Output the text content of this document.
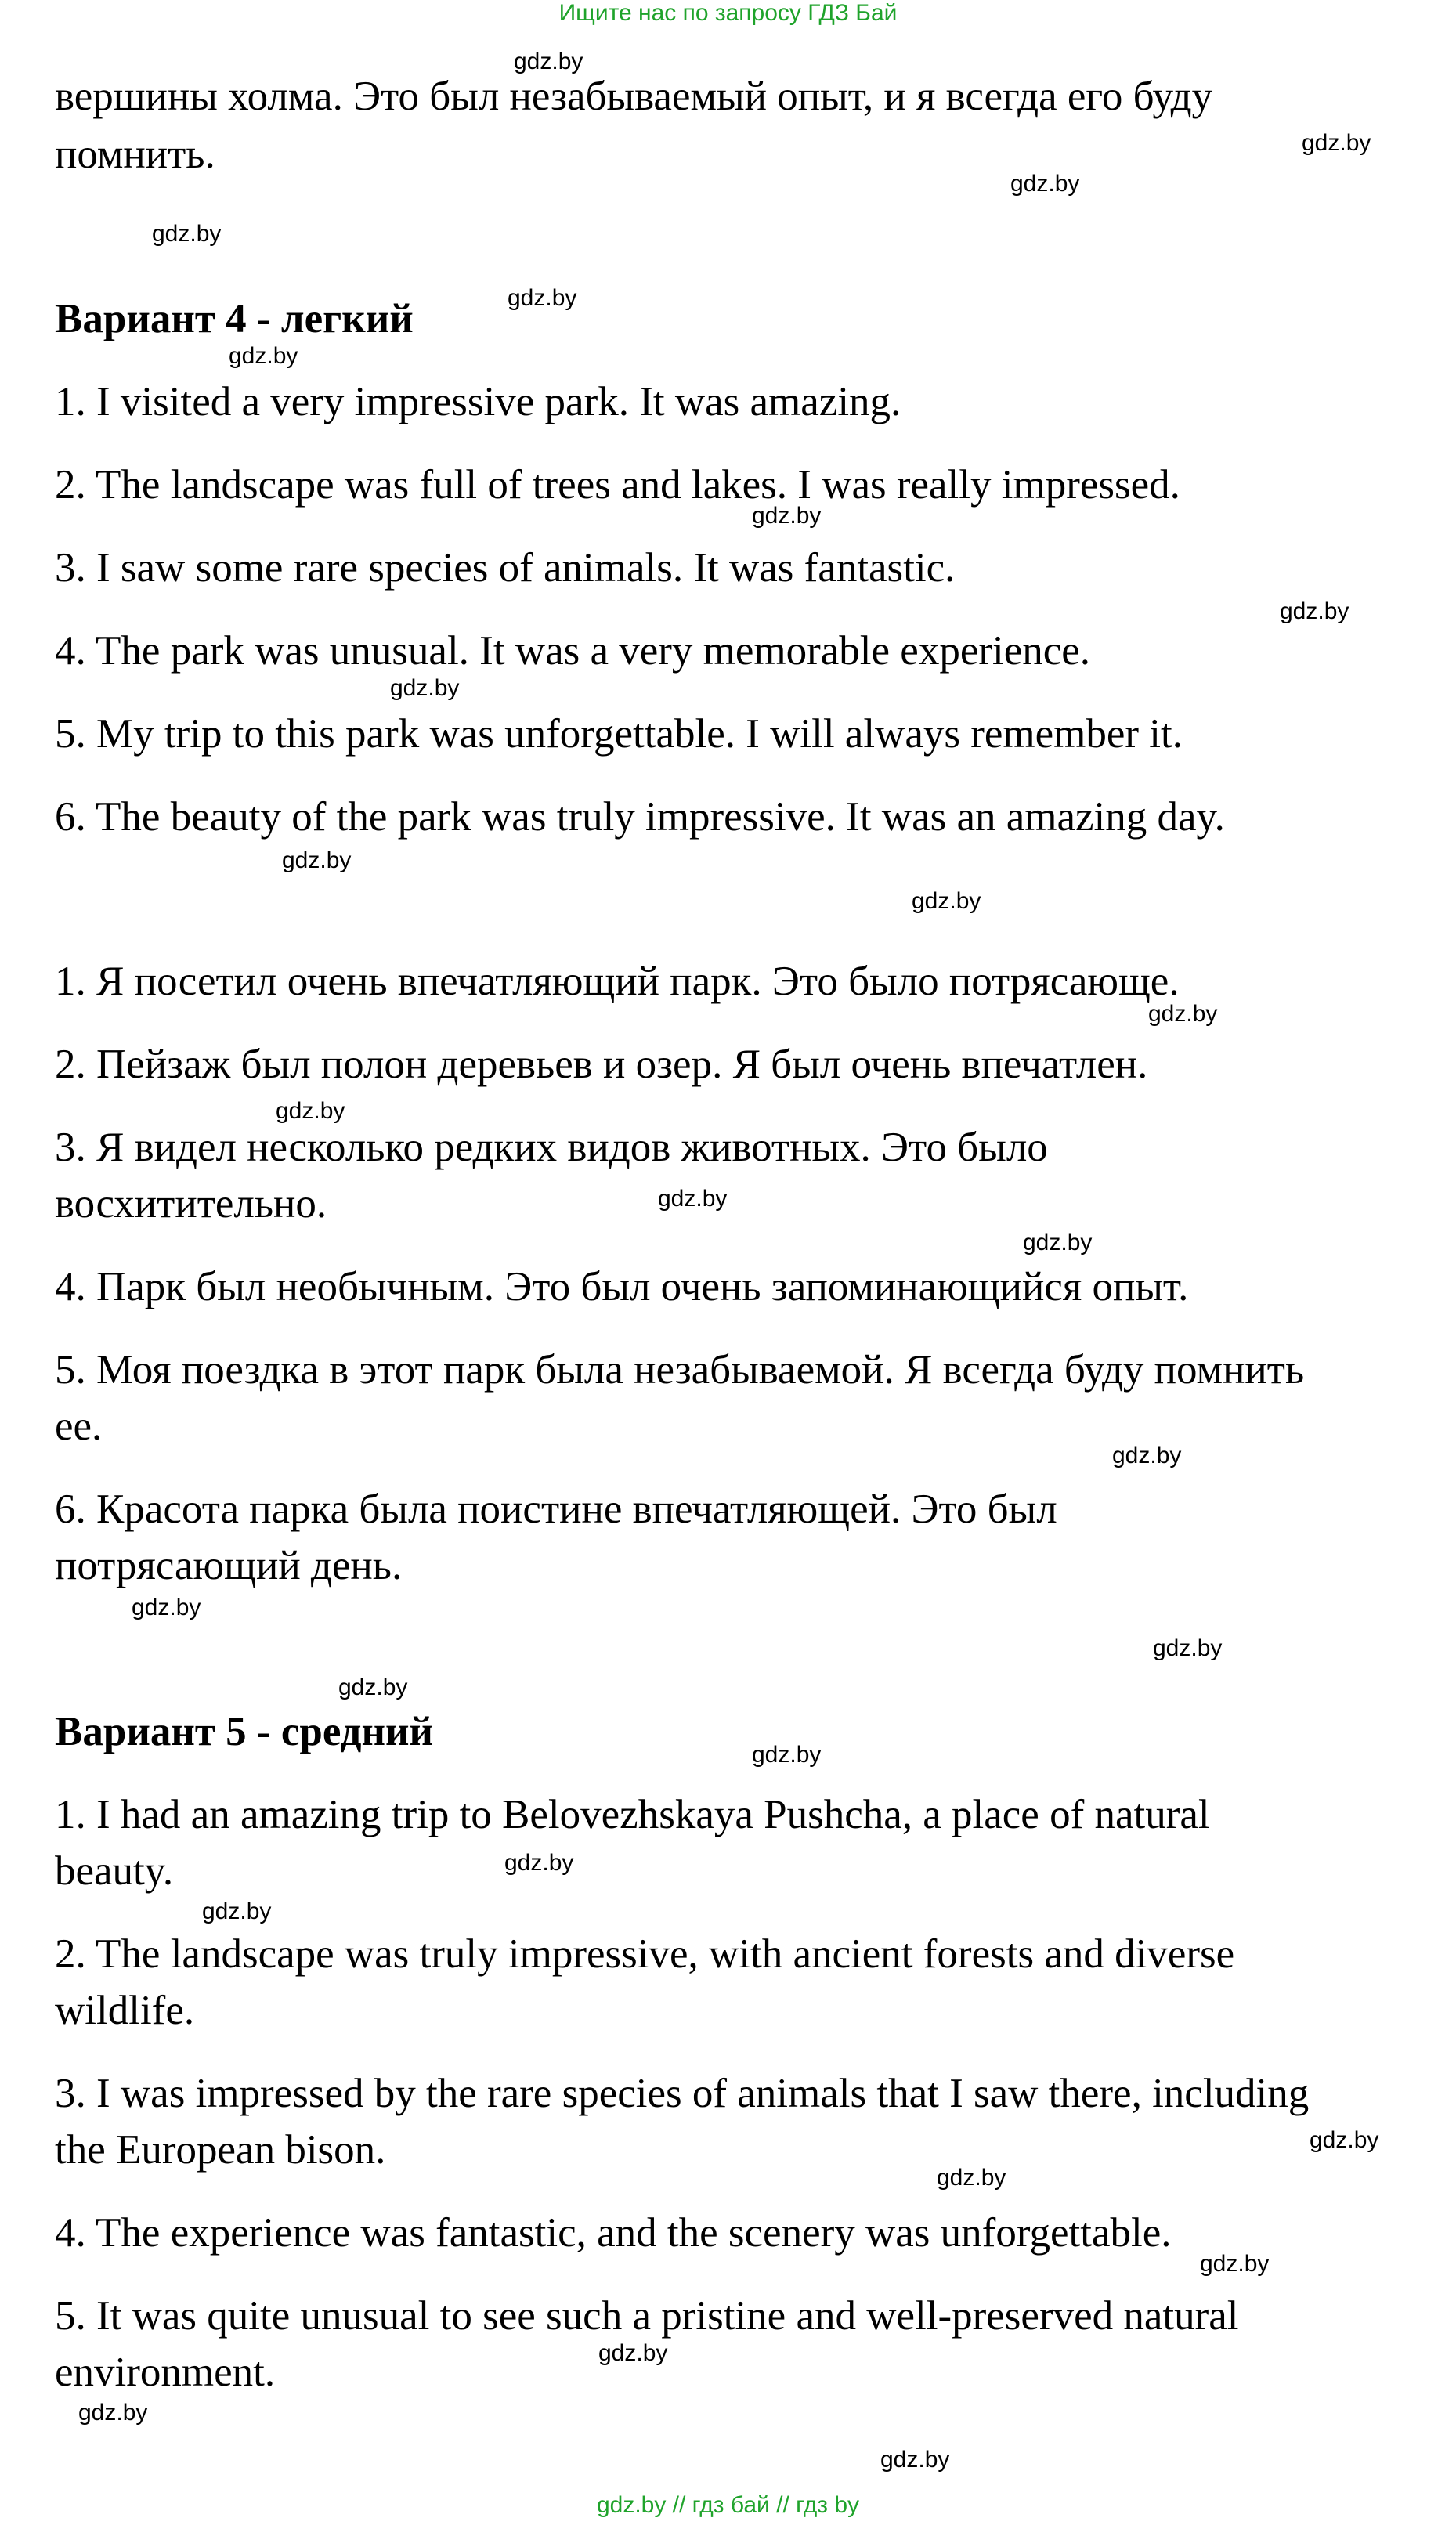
Ищите нас по запросу ГДЗ Бай
вершины холма. Это был незабываемый опыт, и я всегда его буду
помнить.
Вариант 4 - легкий
1. I visited a very impressive park. It was amazing.
2. The landscape was full of trees and lakes. I was really impressed.
3. I saw some rare species of animals. It was fantastic.
4. The park was unusual. It was a very memorable experience.
5. My trip to this park was unforgettable. I will always remember it.
6. The beauty of the park was truly impressive. It was an amazing day.
1. Я посетил очень впечатляющий парк. Это было потрясающе.
2. Пейзаж был полон деревьев и озер. Я был очень впечатлен.
3. Я видел несколько редких видов животных. Это было
восхитительно.
4. Парк был необычным. Это был очень запоминающийся опыт.
5. Моя поездка в этот парк была незабываемой. Я всегда буду помнить
ее.
6. Красота парка была поистине впечатляющей. Это был
потрясающий день.
Вариант 5 - средний
1. I had an amazing trip to Belovezhskaya Pushcha, a place of natural
beauty.
2. The landscape was truly impressive, with ancient forests and diverse
wildlife.
3. I was impressed by the rare species of animals that I saw there, including
the European bison.
4. The experience was fantastic, and the scenery was unforgettable.
5. It was quite unusual to see such a pristine and well-preserved natural
environment.
gdz.by
gdz.by
gdz.by
gdz.by
gdz.by
gdz.by
gdz.by
gdz.by
gdz.by
gdz.by
gdz.by
gdz.by
gdz.by
gdz.by
gdz.by
gdz.by
gdz.by
gdz.by
gdz.by
gdz.by
gdz.by
gdz.by
gdz.by
gdz.by
gdz.by
gdz.by
gdz.by
gdz.by
gdz.by // гдз бай // гдз by
